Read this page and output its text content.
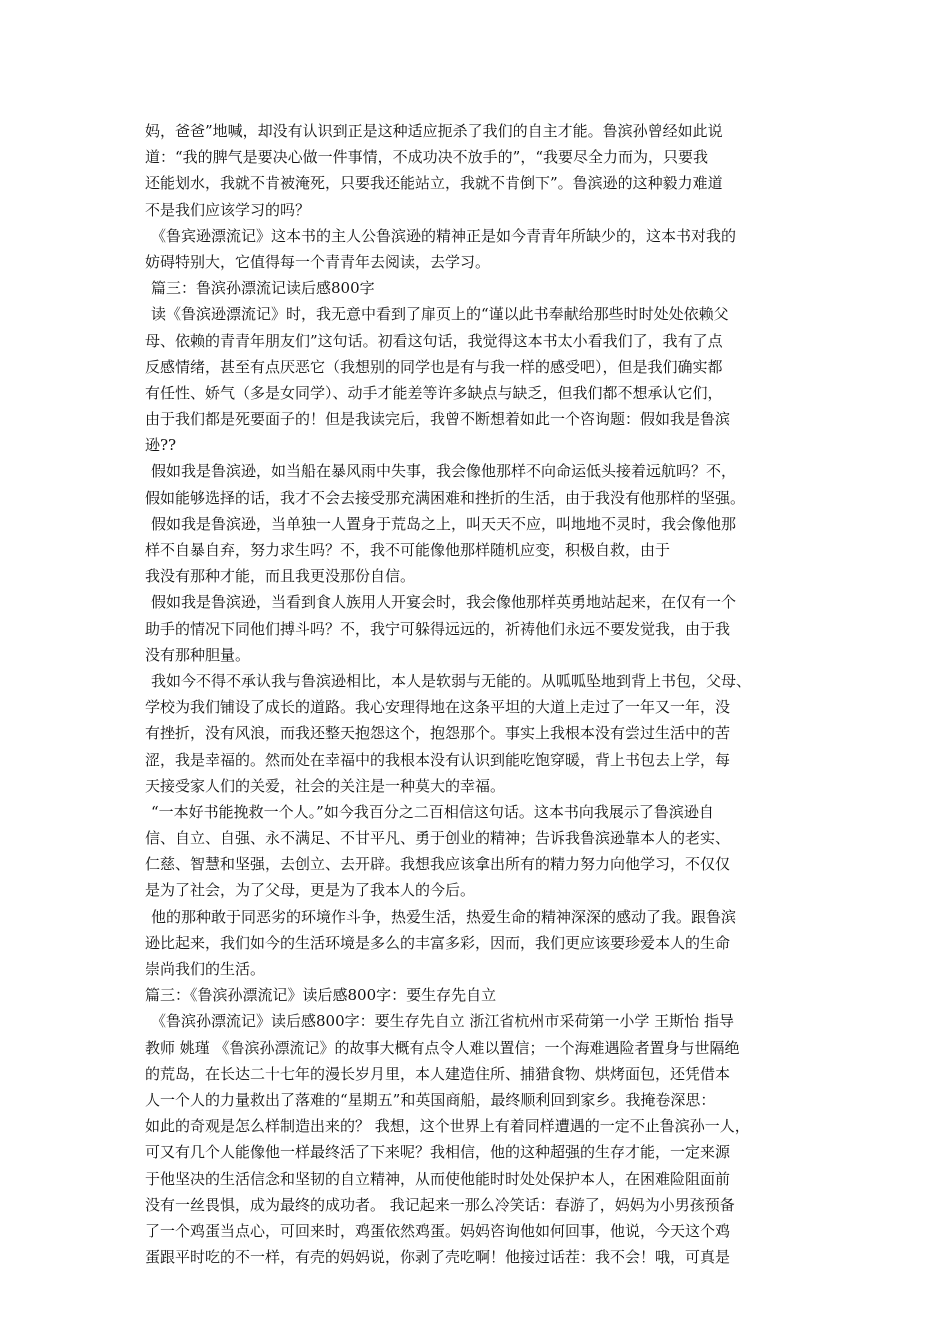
妈，爸爸”地喊，却没有认识到正是这种适应扼杀了我们的自主才能。鲁滨孙曾经如此说
道：“我的脾气是要决心做一件事情，不成功决不放手的”，“我要尽全力而为，只要我
还能划水，我就不肯被淹死，只要我还能站立，我就不肯倒下”。鲁滨逊的这种毅力难道
不是我们应该学习的吗？
《鲁宾逊漂流记》这本书的主人公鲁滨逊的精神正是如今青青年所缺少的，这本书对我的
妨碍特别大，它值得每一个青青年去阅读，去学习。
篇三：鲁滨孙漂流记读后感800字
读《鲁滨逊漂流记》时，我无意中看到了扉页上的“谨以此书奉献给那些时时处处依赖父
母、依赖的青青年朋友们”这句话。初看这句话，我觉得这本书太小看我们了，我有了点
反感情绪，甚至有点厌恶它（我想别的同学也是有与我一样的感受吧），但是我们确实都
有任性、娇气（多是女同学）、动手才能差等许多缺点与缺乏，但我们都不想承认它们，
由于我们都是死要面子的！但是我读完后，我曾不断想着如此一个咨询题：假如我是鲁滨
逊??
假如我是鲁滨逊，如当船在暴风雨中失事，我会像他那样不向命运低头接着远航吗？不，
假如能够选择的话，我才不会去接受那充满困难和挫折的生活，由于我没有他那样的坚强。
假如我是鲁滨逊，当单独一人置身于荒岛之上，叫天天不应，叫地地不灵时，我会像他那
样不自暴自弃，努力求生吗？不，我不可能像他那样随机应变，积极自救，由于
我没有那种才能，而且我更没那份自信。
假如我是鲁滨逊，当看到食人族用人开宴会时，我会像他那样英勇地站起来，在仅有一个
助手的情况下同他们搏斗吗？不，我宁可躲得远远的，祈祷他们永远不要发觉我，由于我
没有那种胆量。
我如今不得不承认我与鲁滨逊相比，本人是软弱与无能的。从呱呱坠地到背上书包，父母、
学校为我们铺设了成长的道路。我心安理得地在这条平坦的大道上走过了一年又一年，没
有挫折，没有风浪，而我还整天抱怨这个，抱怨那个。事实上我根本没有尝过生活中的苦
涩，我是幸福的。然而处在幸福中的我根本没有认识到能吃饱穿暖，背上书包去上学，每
天接受家人们的关爱，社会的关注是一种莫大的幸福。
“一本好书能挽救一个人。”如今我百分之二百相信这句话。这本书向我展示了鲁滨逊自
信、自立、自强、永不满足、不甘平凡、勇于创业的精神；告诉我鲁滨逊靠本人的老实、
仁慈、智慧和坚强，去创立、去开辟。我想我应该拿出所有的精力努力向他学习，不仅仅
是为了社会，为了父母，更是为了我本人的今后。
他的那种敢于同恶劣的环境作斗争，热爱生活，热爱生命的精神深深的感动了我。跟鲁滨
逊比起来，我们如今的生活环境是多么的丰富多彩，因而，我们更应该要珍爱本人的生命
崇尚我们的生活。
篇三：《鲁滨孙漂流记》读后感800字：要生存先自立
《鲁滨孙漂流记》读后感800字：要生存先自立 浙江省杭州市采荷第一小学 王斯怡 指导
教师 姚瑾 《鲁滨孙漂流记》的故事大概有点令人难以置信；一个海难遇险者置身与世隔绝
的荒岛，在长达二十七年的漫长岁月里，本人建造住所、捕猎食物、烘烤面包，还凭借本
人一个人的力量救出了落难的“星期五”和英国商船，最终顺利回到家乡。我掩卷深思：
如此的奇观是怎么样制造出来的？ 我想，这个世界上有着同样遭遇的一定不止鲁滨孙一人，
可又有几个人能像他一样最终活了下来呢？我相信，他的这种超强的生存才能，一定来源
于他坚决的生活信念和坚韧的自立精神，从而使他能时时处处保护本人，在困难险阻面前
没有一丝畏惧，成为最终的成功者。 我记起来一那么冷笑话：春游了，妈妈为小男孩预备
了一个鸡蛋当点心，可回来时，鸡蛋依然鸡蛋。妈妈咨询他如何回事，他说，今天这个鸡
蛋跟平时吃的不一样，有壳的妈妈说，你剥了壳吃啊！他接过话茬：我不会！哦，可真是
